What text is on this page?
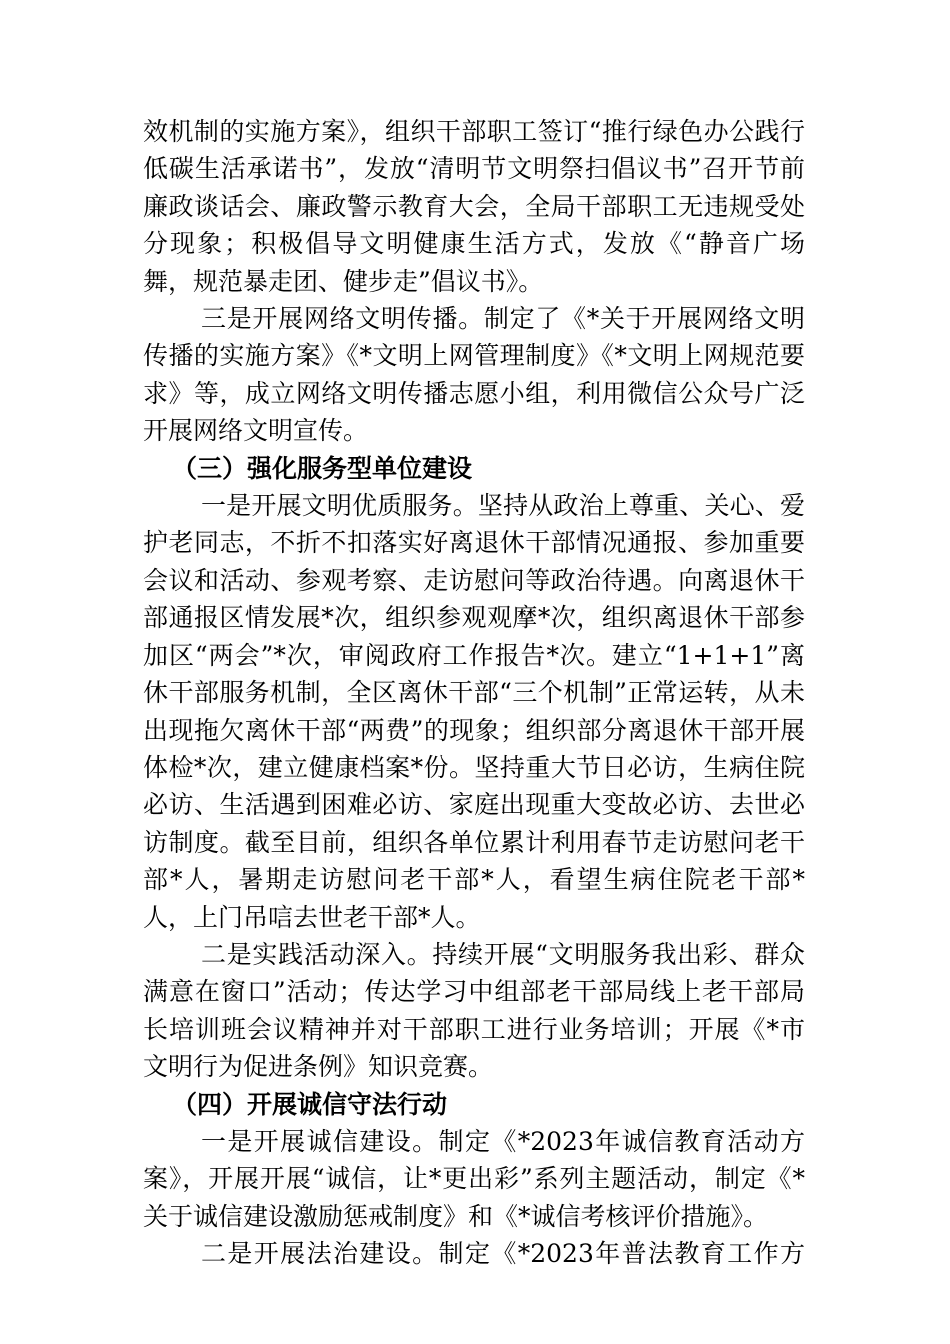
效机制的实施方案》，组织干部职工签订“推行绿色办公践行低碳生活承诺书”，发放“清明节文明祭扫倡议书”召开节前廉政谈话会、廉政警示教育大会，全局干部职工无违规受处分现象；积极倡导文明健康生活方式，发放《“静音广场舞，规范暴走团、健步走”倡议书》。

三是开展网络文明传播。制定了《*关于开展网络文明传播的实施方案》《*文明上网管理制度》《*文明上网规范要求》等，成立网络文明传播志愿小组，利用微信公众号广泛开展网络文明宣传。

（三）强化服务型单位建设

一是开展文明优质服务。坚持从政治上尊重、关心、爱护老同志，不折不扣落实好离退休干部情况通报、参加重要会议和活动、参观考察、走访慰问等政治待遇。向离退休干部通报区情发展*次，组织参观观摩*次，组织离退休干部参加区“两会”*次，审阅政府工作报告*次。建立“1+1+1”离休干部服务机制，全区离休干部“三个机制”正常运转，从未出现拖欠离休干部“两费”的现象；组织部分离退休干部开展体检*次，建立健康档案*份。坚持重大节日必访，生病住院必访、生活遇到困难必访、家庭出现重大变故必访、去世必访制度。截至目前，组织各单位累计利用春节走访慰问老干部*人，暑期走访慰问老干部*人，看望生病住院老干部*人，上门吊唁去世老干部*人。

二是实践活动深入。持续开展“文明服务我出彩、群众满意在窗口”活动；传达学习中组部老干部局线上老干部局长培训班会议精神并对干部职工进行业务培训；开展《*市文明行为促进条例》知识竞赛。

（四）开展诚信守法行动

一是开展诚信建设。制定《*2023年诚信教育活动方案》，开展开展“诚信，让*更出彩”系列主题活动，制定《*关于诚信建设激励惩戒制度》和《*诚信考核评价措施》。

二是开展法治建设。制定《*2023年普法教育工作方
